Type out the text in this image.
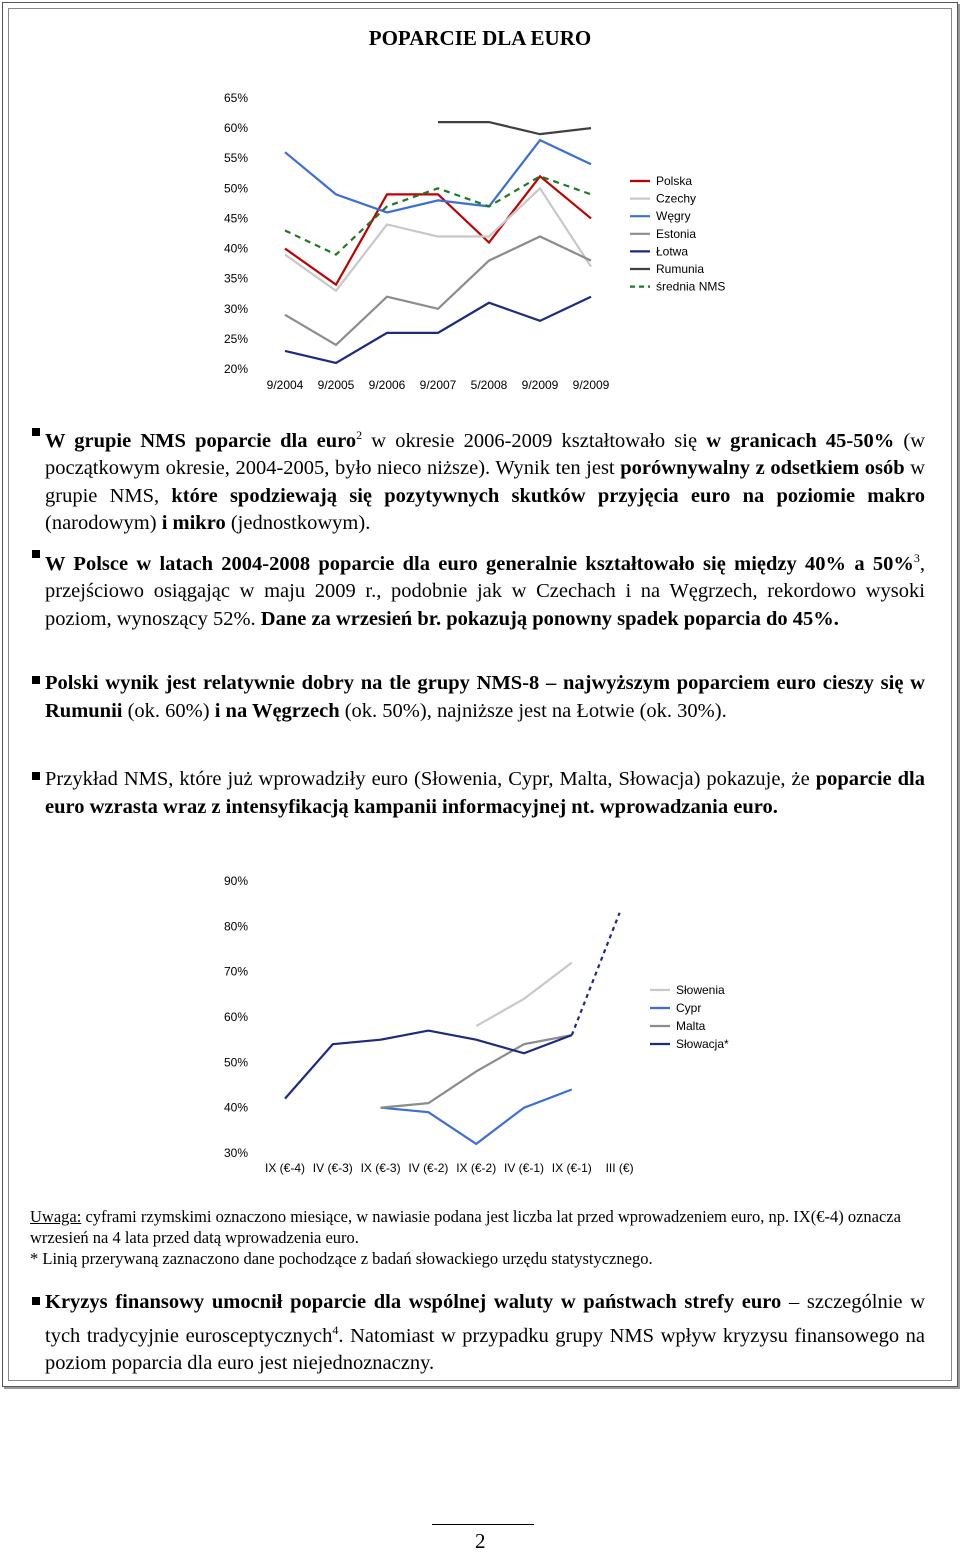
POPARCIE DLA EURO
65%
60%
55%
50%
45%
40%
35%
30%
25%
20%
9/2004 9/2005 9/2006 9/2007 5/2008 9/2009 9/2009
Polska
Czechy
Węgry
Estonia
Łotwa
Rumunia
średnia NMS
90%
80%
70%
60%
50%
40%
30%
IX (€-4) IV (€-3) IX (€-3) IV (€-2) IX (€-2) IV (€-1) IX (€-1) III (€)
Słowenia
Cypr
Malta
Słowacja*
W grupie NMS poparcie dla euro$^2$ w okresie 2006-2009 kształtowało się w granicach 45-50% (w początkowym okresie, 2004-2005, było nieco niższe). Wynik ten jest porównywalny z odsetkiem osób w grupie NMS, które spodziewają się pozytywnych skutków przyjęcia euro na poziomie makro (narodowym) i mikro (jednostkowym).
W Polsce w latach 2004-2008 poparcie dla euro generalnie kształtowało się między 40% a 50%$^3$, przejściowo osiągając w maju 2009 r., podobnie jak w Czechach i na Węgrzech, rekordowo wysoki poziom, wynoszący 52%. Dane za wrzesień br. pokazują ponowny spadek poparcia do 45%.
Polski wynik jest relatywnie dobry na tle grupy NMS-8 – najwyższym poparciem euro cieszy się w Rumunii (ok. 60%) i na Węgrzech (ok. 50%), najniższe jest na Łotwie (ok. 30%).
Przykład NMS, które już wprowadziły euro (Słowenia, Cypr, Malta, Słowacja) pokazuje, że poparcie dla euro wzrasta wraz z intensyfikacją kampanii informacyjnej nt. wprowadzania euro.
Uwaga: cyframi rzymskimi oznaczono miesiące, w nawiasie podana jest liczba lat przed wprowadzeniem euro, np. IX(€-4) oznacza wrzesień na 4 lata przed datą wprowadzenia euro.
* Linią przerywaną zaznaczono dane pochodzące z badań słowackiego urzędu statystycznego.
Kryzys finansowy umocnił poparcie dla wspólnej waluty w państwach strefy euro – szczególnie w tych tradycyjnie eurosceptycznych$^4$. Natomiast w przypadku grupy NMS wpływ kryzysu finansowego na poziom poparcia dla euro jest niejednoznaczny.
2
